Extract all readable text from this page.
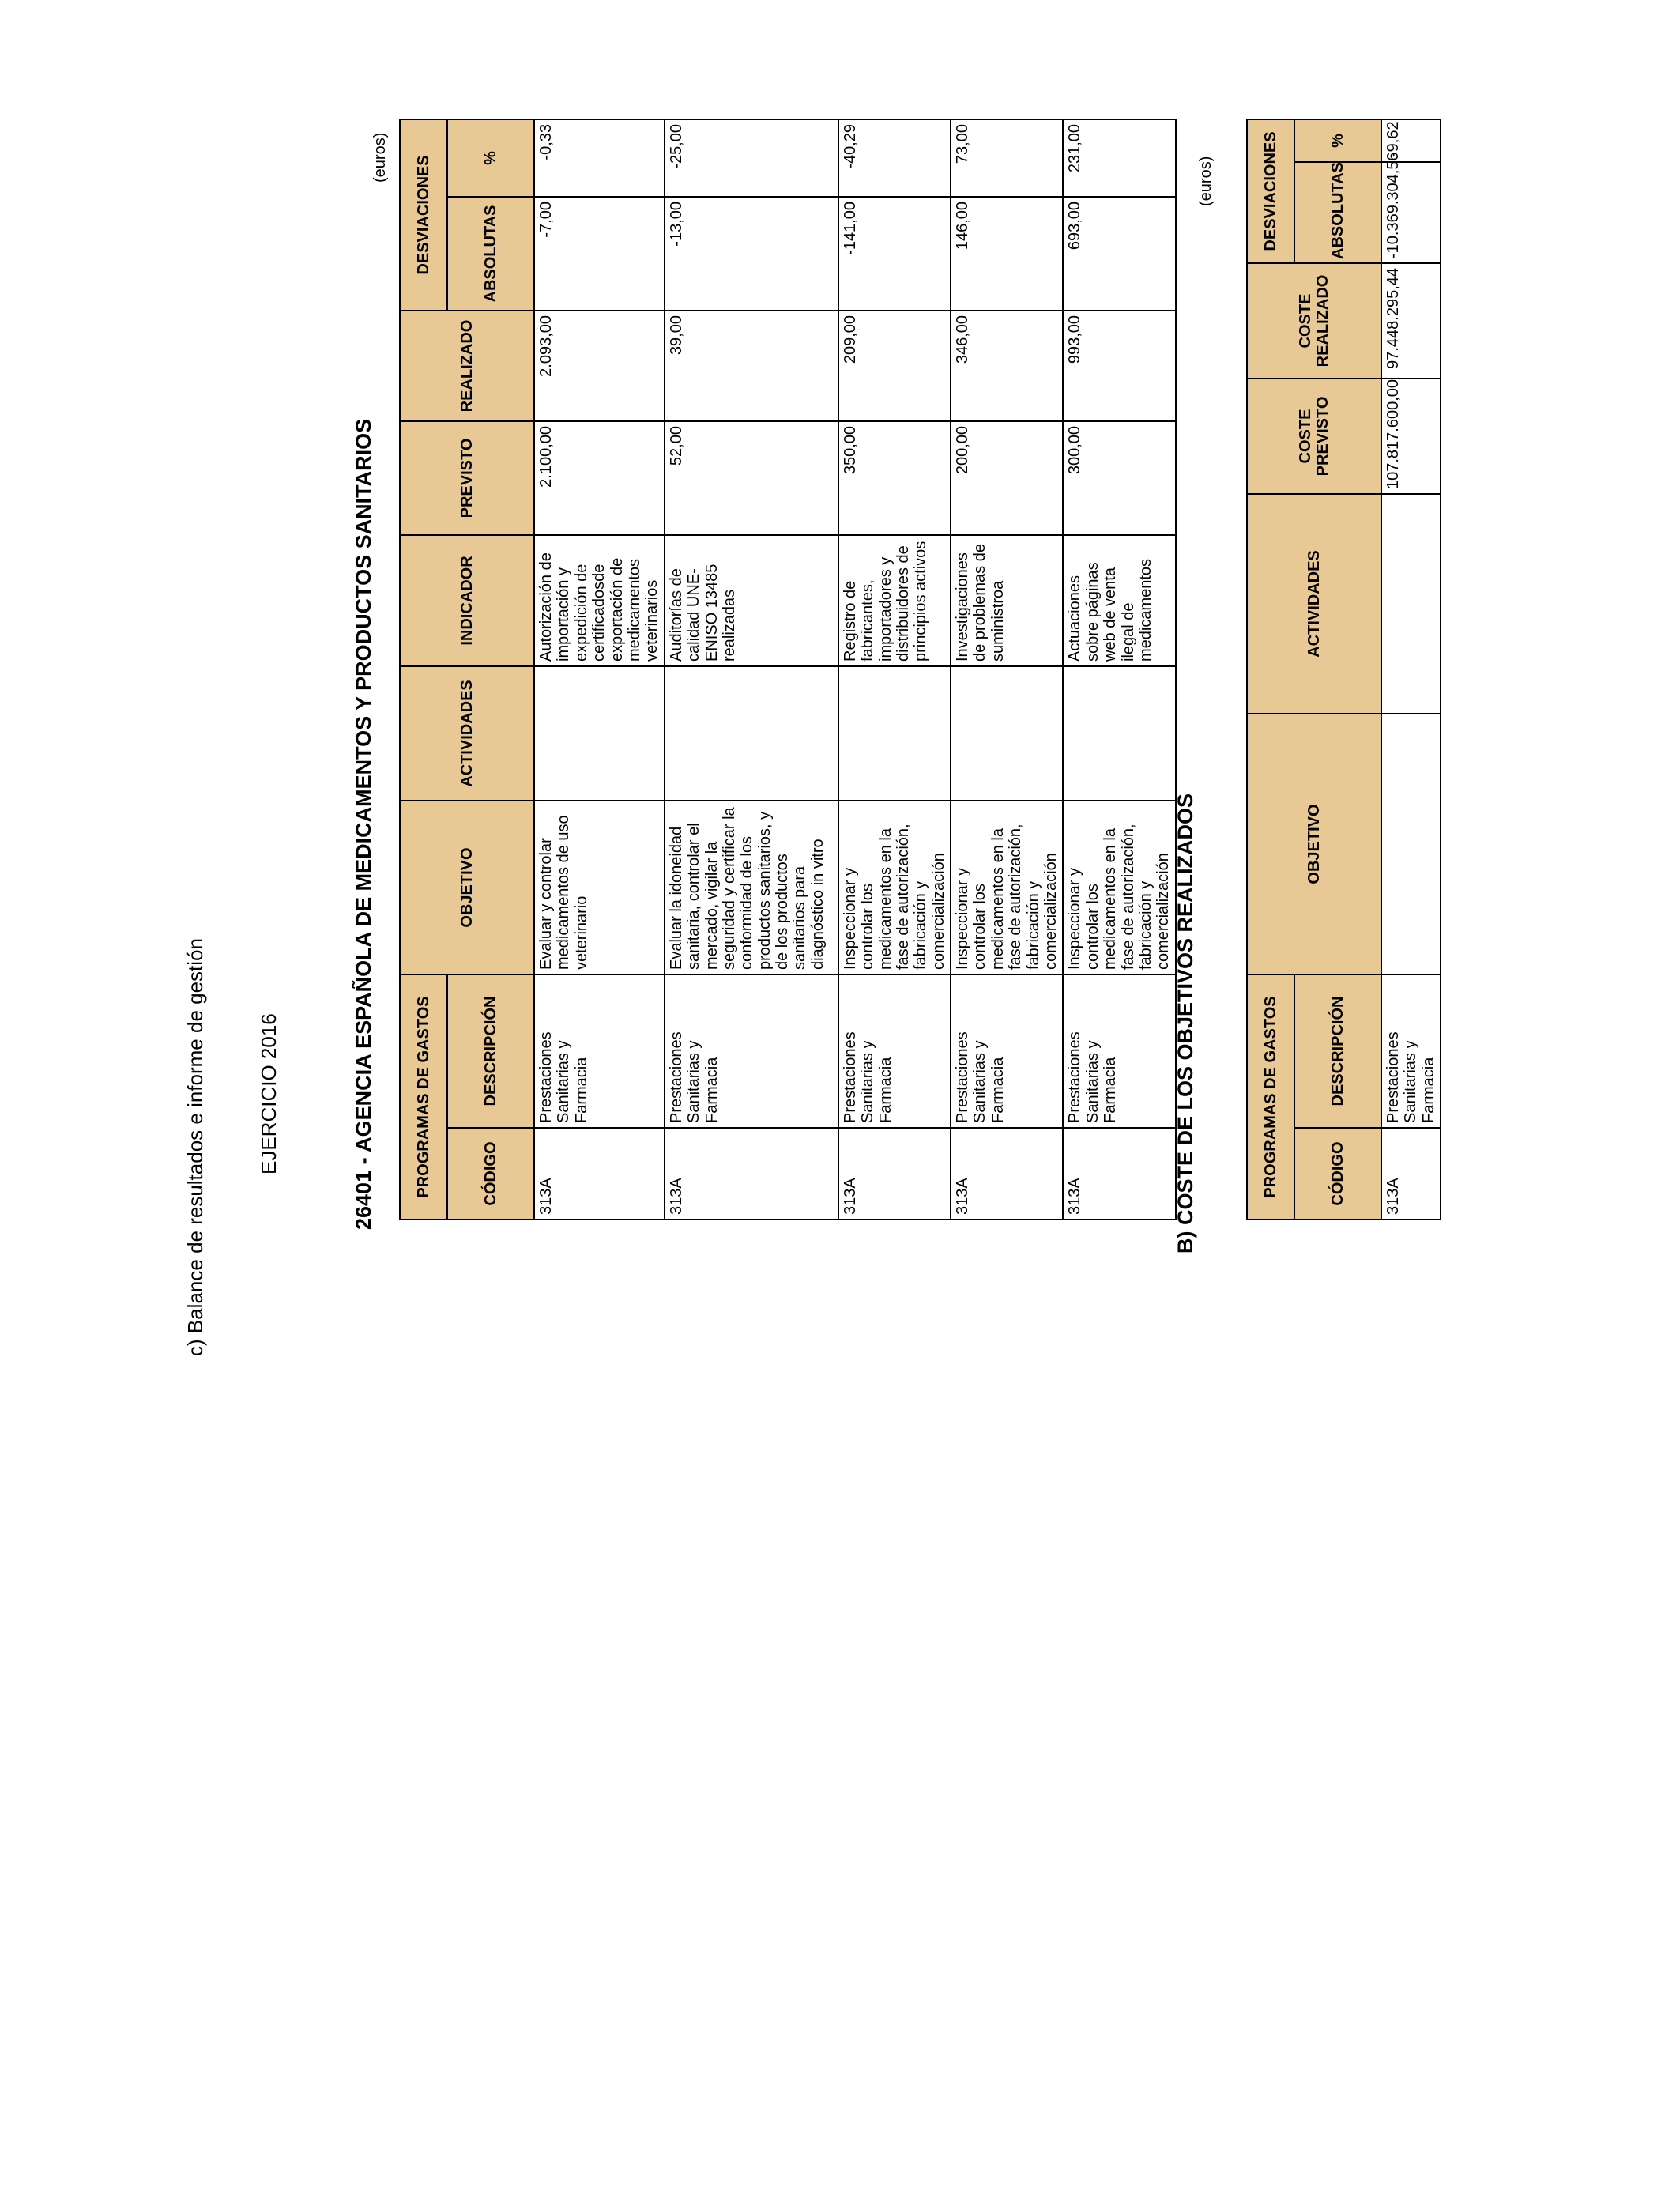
c) Balance de resultados e informe de gestión EJERCICIO 2016	26401 - AGENCIA ESPAÑOLA DE MEDICAMENTOS Y PRODUCTOS SANITARIOS
(euros)
PROGRAMAS DE GASTOS		OBJETIVO	ACTIVIDADES	INDICADOR	PREVISTO	REALIZADO	DESVIACIONES	
CÓDIGO	DESCRIPCIÓN						ABSOLUTAS	%
313A	Prestaciones Sanitarias y Farmacia	Evaluar y controlar medicamentos de uso veterinario		Autorización de importación y expedición de certificadosde exportación de medicamentos veterinarios	2.100,00	2.093,00	-7,00	-0,33
313A	Prestaciones Sanitarias y Farmacia	Evaluar la idoneidad sanitaria, controlar el mercado, vigilar la seguridad y certificar la conformidad de los productos sanitarios, y de los productos sanitarios para diagnóstico in vitro		Auditorías de calidad UNE-ENISO 13485 realizadas	52,00	39,00	-13,00	-25,00
313A	Prestaciones Sanitarias y Farmacia	Inspeccionar y controlar los medicamentos en la fase de autorización, fabricación y comercialización		Registro de fabricantes, importadores y distribuidores de principios activos	350,00	209,00	-141,00	-40,29
313A	Prestaciones Sanitarias y Farmacia	Inspeccionar y controlar los medicamentos en la fase de autorización, fabricación y comercialización		Investigaciones de problemas de suministroa	200,00	346,00	146,00	73,00
313A	Prestaciones Sanitarias y Farmacia	Inspeccionar y controlar los medicamentos en la fase de autorización, fabricación y comercialización		Actuaciones sobre páginas web de venta ilegal de medicamentos	300,00	993,00	693,00	231,00
B) COSTE DE LOS OBJETIVOS REALIZADOS
(euros)
PROGRAMAS DE GASTOS		OBJETIVO	ACTIVIDADES	COSTE PREVISTO	COSTE REALIZADO	DESVIACIONES	
CÓDIGO	DESCRIPCIÓN					ABSOLUTAS	%
313A	Prestaciones Sanitarias y Farmacia			107.817.600,00	97.448.295,44	-10.369.304,56	-9,62
